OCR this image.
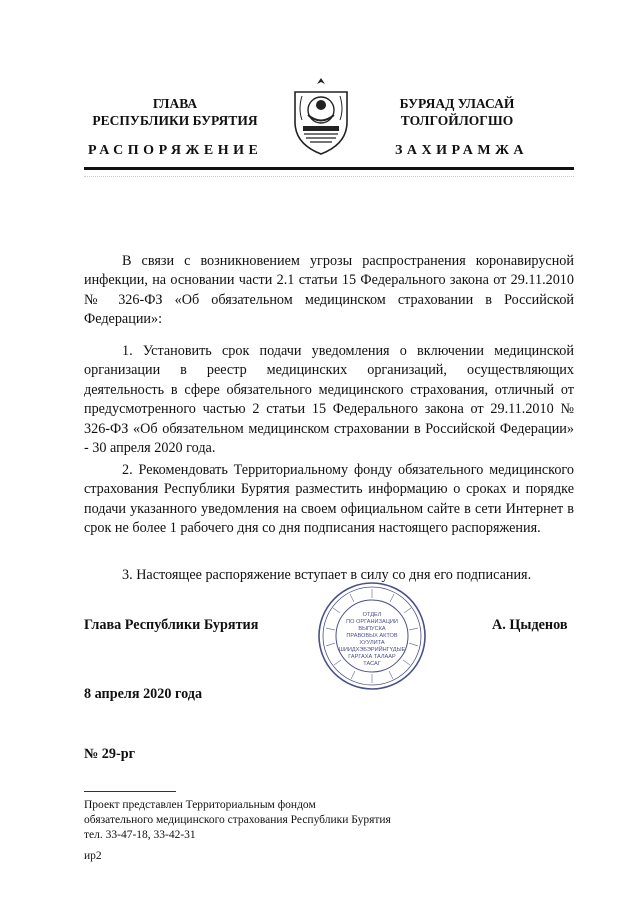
ГЛАВА
РЕСПУБЛИКИ БУРЯТИЯ
БУРЯАД УЛАСАЙ
ТОЛГОЙЛОГШО
РАСПОРЯЖЕНИЕ	ЗАХИРАМЖА
В связи с возникновением угрозы распространения коронавирусной инфекции, на основании части 2.1 статьи 15 Федерального закона от 29.11.2010 № 326-ФЗ «Об обязательном медицинском страховании в Российской Федерации»:
1. Установить срок подачи уведомления о включении медицинской организации в реестр медицинских организаций, осуществляющих деятельность в сфере обязательного медицинского страхования, отличный от предусмотренного частью 2 статьи 15 Федерального закона от 29.11.2010 № 326-ФЗ «Об обязательном медицинском страховании в Российской Федерации» - 30 апреля 2020 года.
2. Рекомендовать Территориальному фонду обязательного медицинского страхования Республики Бурятия разместить информацию о сроках и порядке подачи указанного уведомления на своем официальном сайте в сети Интернет в срок не более 1 рабочего дня со дня подписания настоящего распоряжения.
3. Настоящее распоряжение вступает в силу со дня его подписания.
Глава Республики Бурятия
ОТДЕЛ
ПО ОРГАНИЗАЦИИ
ВЫПУСКА
ПРАВОВЫХ АКТОВ
ХУУЛИТА
ШИИДХЭБЭРИЙНГҮДЫЕ
ГАРГАХА ТАЛААР
ТАСАГ
А. Цыденов
8 апреля 2020 года
№ 29-рг
Проект представлен Территориальным фондом
обязательного медицинского страхования Республики Бурятия
тел. 33-47-18, 33-42-31
ир2
